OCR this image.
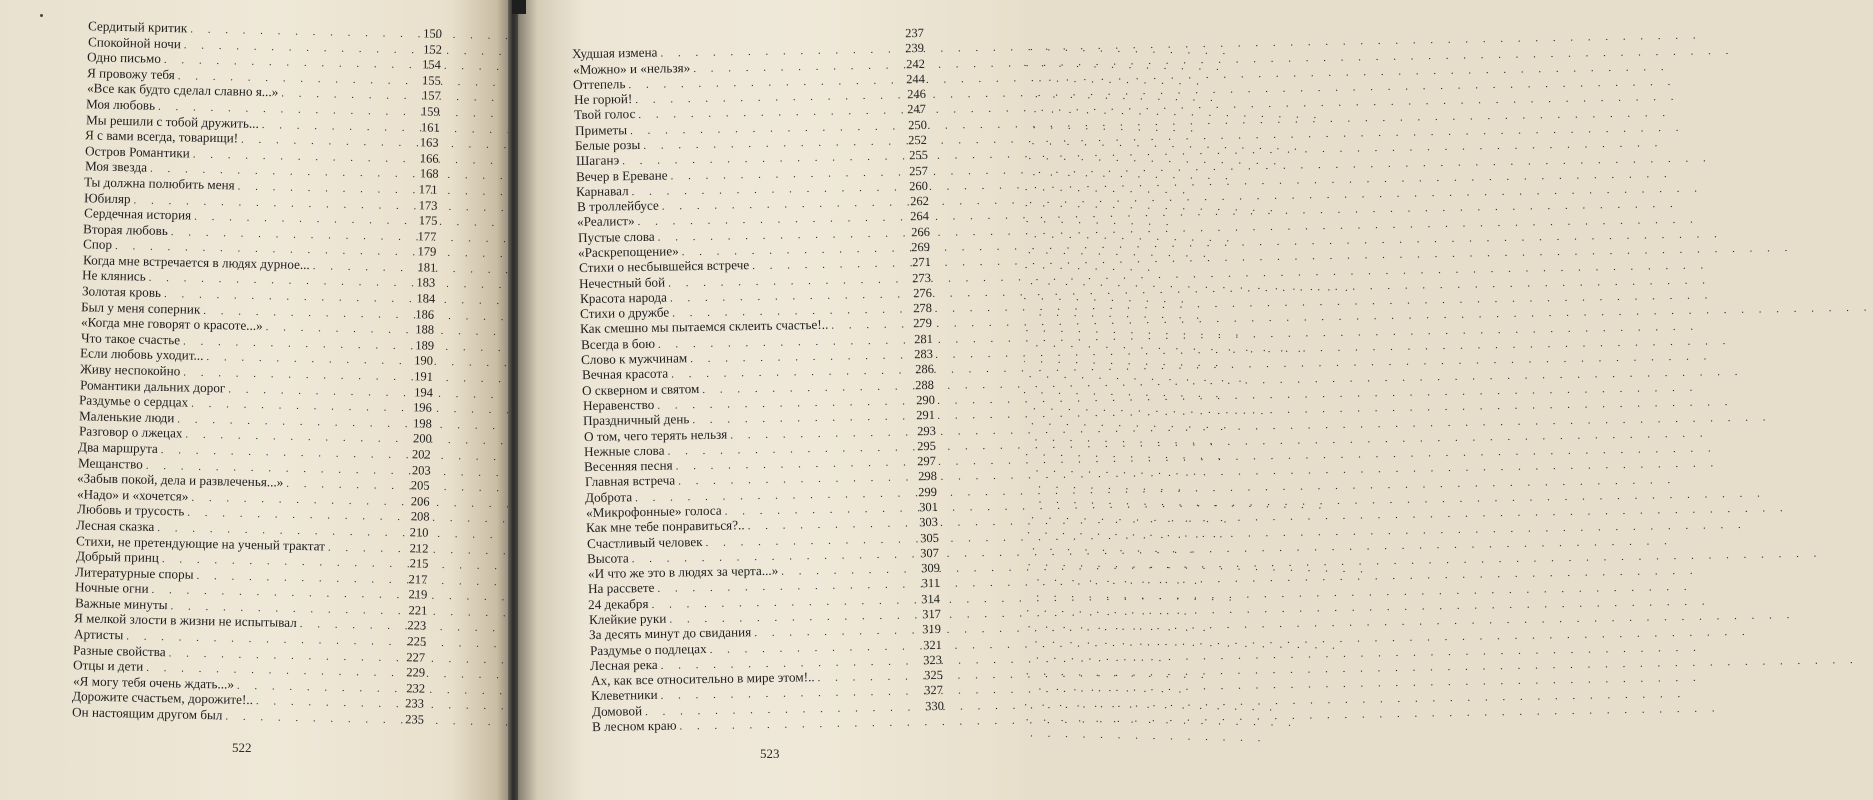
Сердитый критик . . .	150
Спокойной ночи . . .	152
Одно письмо . . .	154
Я провожу тебя . . .	155
«Все как будто сделал славно я...» . . .	157
Моя любовь . . .	159
Мы решили с тобой дружить... . . .	161
Я с вами всегда, товарищи! . . .	163
Остров Романтики . . .	166
Моя звезда . . .	168
Ты должна полюбить меня . . .	171
Юбиляр . . .	173
Сердечная история . . .	175
Вторая любовь . . .	177
Спор . . .	179
Когда мне встречается в людях дурное... . . .	181
Не клянись . . .	183
Золотая кровь . . .	184
Был у меня соперник . . .	186
«Когда мне говорят о красоте...» . . .	188
Что такое счастье . . .	189
Если любовь уходит... . . .	190
Живу неспокойно . . .	191
Романтики дальних дорог . . .	194
Раздумье о сердцах . . .	196
Маленькие люди . . .	198
Разговор о лжецах . . .	200
Два маршрута . . .	202
Мещанство . . .	203
«Забыв покой, дела и развлеченья...» . . .	205
«Надо» и «хочется» . . .	206
Любовь и трусость . . .	208
Лесная сказка . . .	210
Стихи, не претендующие на ученый трактат . . .	212
Добрый принц . . .	215
Литературные споры . . .	217
Ночные огни . . .	219
Важные минуты . . .	221
Я мелкой злости в жизни не испытывал . . .	223
Артисты . . .	225
Разные свойства . . .	227
Отцы и дети . . .	229
«Я могу тебя очень ждать...» . . .	232
Дорожите счастьем, дорожите!.. . . .	233
Он настоящим другом был . . .	235
522
237
Худшая измена . . .	239
«Можно» и «нельзя» . . .	242
Оттепель . . .	244
Не горюй! . . .	246
Твой голос . . .	247
Приметы . . .	250
Белые розы . . .	252
Шаганэ . . .	255
Вечер в Ереване . . .	257
Карнавал . . .	260
В троллейбусе . . .	262
«Реалист» . . .	264
Пустые слова . . .	266
«Раскрепощение» . . .	269
Стихи о несбывшейся встрече . . .	271
Нечестный бой . . .	273
Красота народа . . .	276
Стихи о дружбе . . .	278
Как смешно мы пытаемся склеить счастье!.. . . .	279
Всегда в бою . . .	281
Слово к мужчинам . . .	283
Вечная красота . . .	286
О скверном и святом . . .	288
Неравенство . . .	290
Праздничный день . . .	291
О том, чего терять нельзя . . .	293
Нежные слова . . .	295
Весенняя песня . . .	297
Главная встреча . . .	298
Доброта . . .	299
«Микрофонные» голоса . . .	301
Как мне тебе понравиться?.. . . .	303
Счастливый человек . . .	305
Высота . . .	307
«И что же это в людях за черта...» . . .	309
На рассвете . . .	311
24 декабря . . .	314
Клейкие руки . . .	317
За десять минут до свидания . . .	319
Раздумье о подлецах . . .	321
Лесная река . . .	323
Ах, как все относительно в мире этом!.. . . .	325
Клеветники . . .	327
Домовой . . .	330
В лесном краю
. . .
523
